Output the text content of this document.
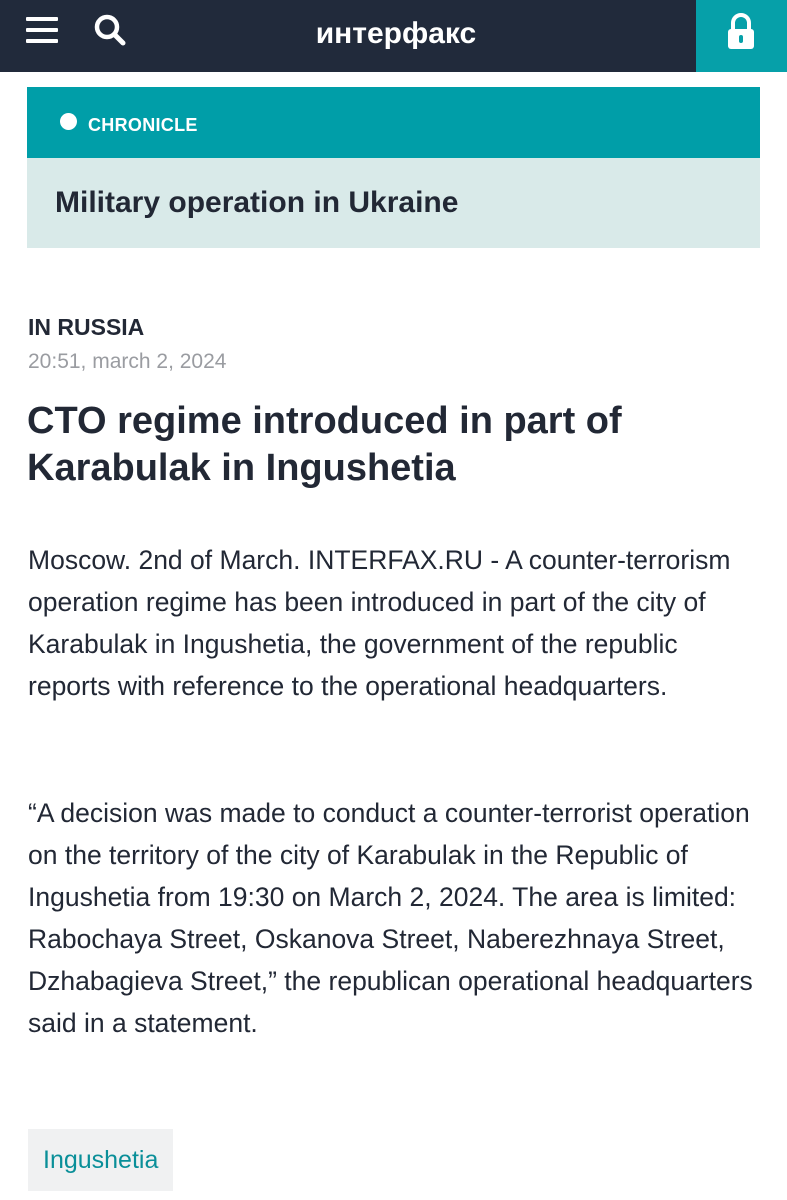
интерфакс
CHRONICLE
Military operation in Ukraine
IN RUSSIA
20:51, march 2, 2024
CTO regime introduced in part of Karabulak in Ingushetia

Moscow. 2nd of March. INTERFAX.RU - A counter-terrorism operation regime has been introduced in part of the city of Karabulak in Ingushetia, the government of the republic reports with reference to the operational headquarters.

“A decision was made to conduct a counter-terrorist operation on the territory of the city of Karabulak in the Republic of Ingushetia from 19:30 on March 2, 2024. The area is limited: Rabochaya Street, Oskanova Street, Naberezhnaya Street, Dzhabagieva Street,” the republican operational headquarters said in a statement.

Ingushetia
